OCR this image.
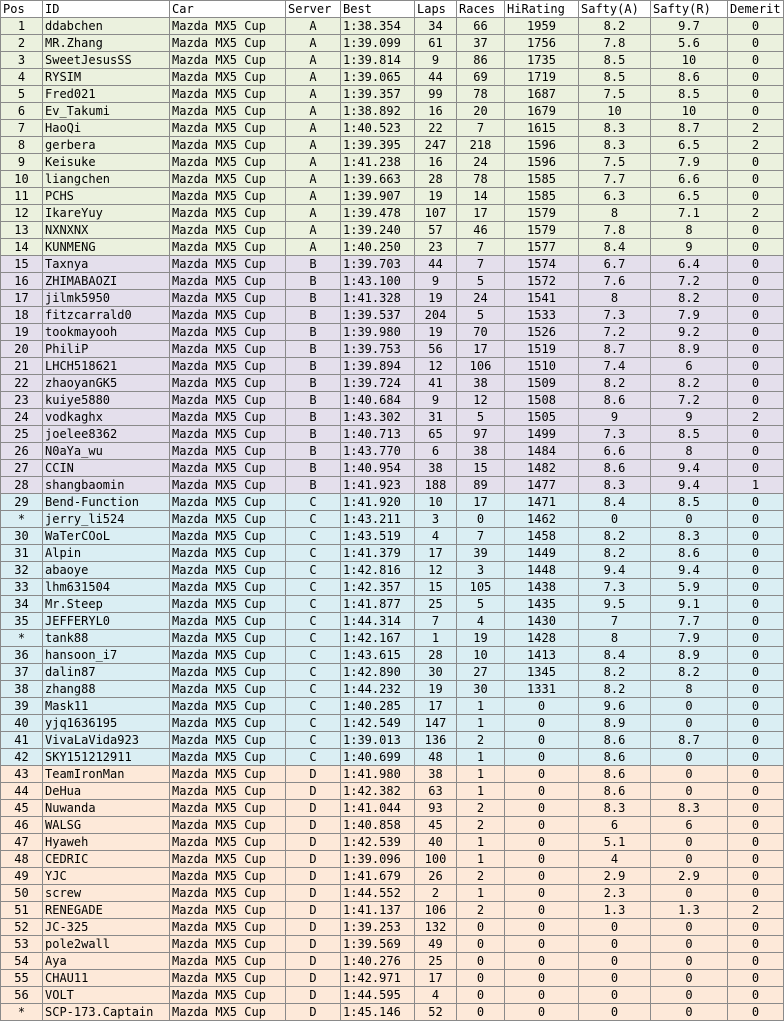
Pos	ID	Car	Server	Best	Laps	Races	HiRating	Safty(A)	Safty(R)	Demerit
1	ddabchen	Mazda MX5 Cup	A	1:38.354	34	66	1959	8.2	9.7	0
2	MR.Zhang	Mazda MX5 Cup	A	1:39.099	61	37	1756	7.8	5.6	0
3	SweetJesusSS	Mazda MX5 Cup	A	1:39.814	9	86	1735	8.5	10	0
4	RYSIM	Mazda MX5 Cup	A	1:39.065	44	69	1719	8.5	8.6	0
5	Fred021	Mazda MX5 Cup	A	1:39.357	99	78	1687	7.5	8.5	0
6	Ev_Takumi	Mazda MX5 Cup	A	1:38.892	16	20	1679	10	10	0
7	HaoQi	Mazda MX5 Cup	A	1:40.523	22	7	1615	8.3	8.7	2
8	gerbera	Mazda MX5 Cup	A	1:39.395	247	218	1596	8.3	6.5	2
9	Keisuke	Mazda MX5 Cup	A	1:41.238	16	24	1596	7.5	7.9	0
10	liangchen	Mazda MX5 Cup	A	1:39.663	28	78	1585	7.7	6.6	0
11	PCHS	Mazda MX5 Cup	A	1:39.907	19	14	1585	6.3	6.5	0
12	IkareYuy	Mazda MX5 Cup	A	1:39.478	107	17	1579	8	7.1	2
13	NXNXNX	Mazda MX5 Cup	A	1:39.240	57	46	1579	7.8	8	0
14	KUNMENG	Mazda MX5 Cup	A	1:40.250	23	7	1577	8.4	9	0
15	Taxnya	Mazda MX5 Cup	B	1:39.703	44	7	1574	6.7	6.4	0
16	ZHIMABAOZI	Mazda MX5 Cup	B	1:43.100	9	5	1572	7.6	7.2	0
17	jilmk5950	Mazda MX5 Cup	B	1:41.328	19	24	1541	8	8.2	0
18	fitzcarrald0	Mazda MX5 Cup	B	1:39.537	204	5	1533	7.3	7.9	0
19	tookmayooh	Mazda MX5 Cup	B	1:39.980	19	70	1526	7.2	9.2	0
20	PhiliP	Mazda MX5 Cup	B	1:39.753	56	17	1519	8.7	8.9	0
21	LHCH518621	Mazda MX5 Cup	B	1:39.894	12	106	1510	7.4	6	0
22	zhaoyanGK5	Mazda MX5 Cup	B	1:39.724	41	38	1509	8.2	8.2	0
23	kuiye5880	Mazda MX5 Cup	B	1:40.684	9	12	1508	8.6	7.2	0
24	vodkaghx	Mazda MX5 Cup	B	1:43.302	31	5	1505	9	9	2
25	joelee8362	Mazda MX5 Cup	B	1:40.713	65	97	1499	7.3	8.5	0
26	N0aYa_wu	Mazda MX5 Cup	B	1:43.770	6	38	1484	6.6	8	0
27	CCIN	Mazda MX5 Cup	B	1:40.954	38	15	1482	8.6	9.4	0
28	shangbaomin	Mazda MX5 Cup	B	1:41.923	188	89	1477	8.3	9.4	1
29	Bend-Function	Mazda MX5 Cup	C	1:41.920	10	17	1471	8.4	8.5	0
*	jerry_li524	Mazda MX5 Cup	C	1:43.211	3	0	1462	0	0	0
30	WaTerCOoL	Mazda MX5 Cup	C	1:43.519	4	7	1458	8.2	8.3	0
31	Alpin	Mazda MX5 Cup	C	1:41.379	17	39	1449	8.2	8.6	0
32	abaoye	Mazda MX5 Cup	C	1:42.816	12	3	1448	9.4	9.4	0
33	lhm631504	Mazda MX5 Cup	C	1:42.357	15	105	1438	7.3	5.9	0
34	Mr.Steep	Mazda MX5 Cup	C	1:41.877	25	5	1435	9.5	9.1	0
35	JEFFERYL0	Mazda MX5 Cup	C	1:44.314	7	4	1430	7	7.7	0
*	tank88	Mazda MX5 Cup	C	1:42.167	1	19	1428	8	7.9	0
36	hansoon_i7	Mazda MX5 Cup	C	1:43.615	28	10	1413	8.4	8.9	0
37	dalin87	Mazda MX5 Cup	C	1:42.890	30	27	1345	8.2	8.2	0
38	zhang88	Mazda MX5 Cup	C	1:44.232	19	30	1331	8.2	8	0
39	Mask11	Mazda MX5 Cup	C	1:40.285	17	1	0	9.6	0	0
40	yjq1636195	Mazda MX5 Cup	C	1:42.549	147	1	0	8.9	0	0
41	VivaLaVida923	Mazda MX5 Cup	C	1:39.013	136	2	0	8.6	8.7	0
42	SKY151212911	Mazda MX5 Cup	C	1:40.699	48	1	0	8.6	0	0
43	TeamIronMan	Mazda MX5 Cup	D	1:41.980	38	1	0	8.6	0	0
44	DeHua	Mazda MX5 Cup	D	1:42.382	63	1	0	8.6	0	0
45	Nuwanda	Mazda MX5 Cup	D	1:41.044	93	2	0	8.3	8.3	0
46	WALSG	Mazda MX5 Cup	D	1:40.858	45	2	0	6	6	0
47	Hyaweh	Mazda MX5 Cup	D	1:42.539	40	1	0	5.1	0	0
48	CEDRIC	Mazda MX5 Cup	D	1:39.096	100	1	0	4	0	0
49	YJC	Mazda MX5 Cup	D	1:41.679	26	2	0	2.9	2.9	0
50	screw	Mazda MX5 Cup	D	1:44.552	2	1	0	2.3	0	0
51	RENEGADE	Mazda MX5 Cup	D	1:41.137	106	2	0	1.3	1.3	2
52	JC-325	Mazda MX5 Cup	D	1:39.253	132	0	0	0	0	0
53	pole2wall	Mazda MX5 Cup	D	1:39.569	49	0	0	0	0	0
54	Aya	Mazda MX5 Cup	D	1:40.276	25	0	0	0	0	0
55	CHAU11	Mazda MX5 Cup	D	1:42.971	17	0	0	0	0	0
56	VOLT	Mazda MX5 Cup	D	1:44.595	4	0	0	0	0	0
*	SCP-173.Captain	Mazda MX5 Cup	D	1:45.146	52	0	0	0	0	0
